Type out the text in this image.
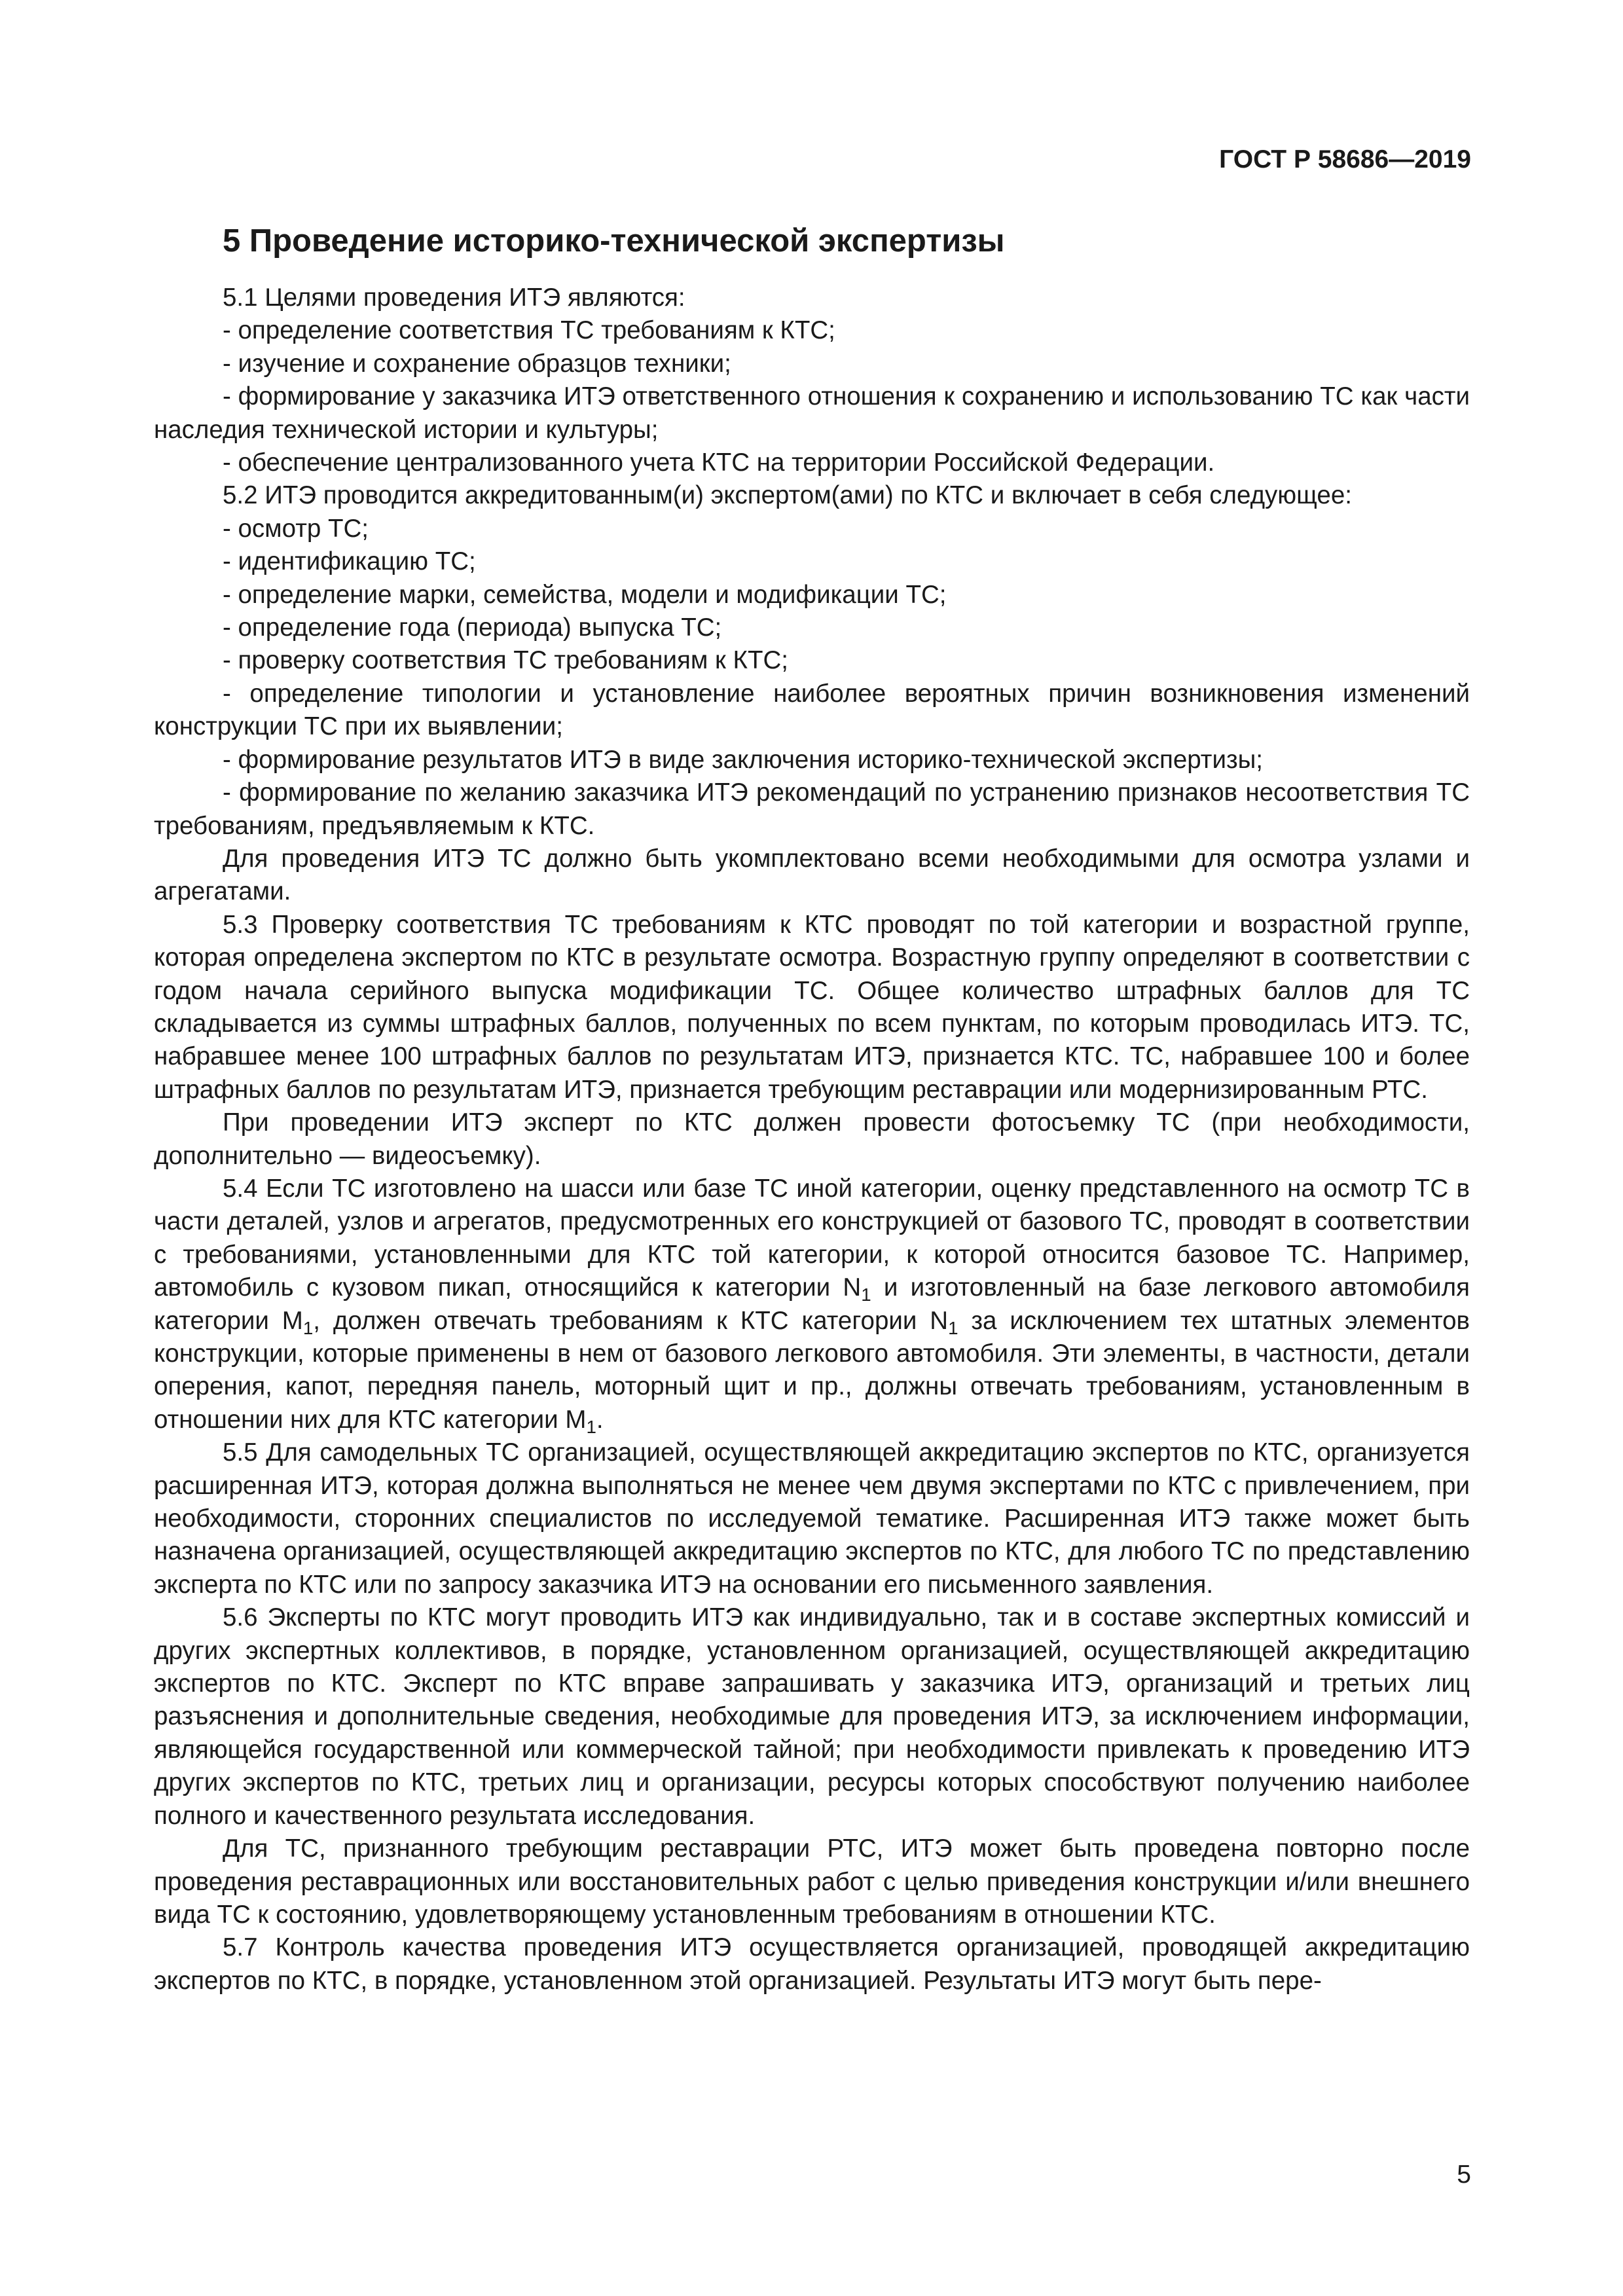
ГОСТ Р 58686—2019
5 Проведение историко-технической экспертизы

5.1 Целями проведения ИТЭ являются:

- определение соответствия ТС требованиям к КТС;

- изучение и сохранение образцов техники;

- формирование у заказчика ИТЭ ответственного отношения к сохранению и использованию ТС как части наследия технической истории и культуры;

- обеспечение централизованного учета КТС на территории Российской Федерации.

5.2 ИТЭ проводится аккредитованным(и) экспертом(ами) по КТС и включает в себя следующее:

- осмотр ТС;

- идентификацию ТС;

- определение марки, семейства, модели и модификации ТС;

- определение года (периода) выпуска ТС;

- проверку соответствия ТС требованиям к КТС;

- определение типологии и установление наиболее вероятных причин возникновения изменений конструкции ТС при их выявлении;

- формирование результатов ИТЭ в виде заключения историко-технической экспертизы;

- формирование по желанию заказчика ИТЭ рекомендаций по устранению признаков несоответствия ТС требованиям, предъявляемым к КТС.

Для проведения ИТЭ ТС должно быть укомплектовано всеми необходимыми для осмотра узлами и агрегатами.

5.3 Проверку соответствия ТС требованиям к КТС проводят по той категории и возрастной группе, которая определена экспертом по КТС в результате осмотра. Возрастную группу определяют в соответствии с годом начала серийного выпуска модификации ТС. Общее количество штрафных баллов для ТС складывается из суммы штрафных баллов, полученных по всем пунктам, по которым проводилась ИТЭ. ТС, набравшее менее 100 штрафных баллов по результатам ИТЭ, признается КТС. ТС, набравшее 100 и более штрафных баллов по результатам ИТЭ, признается требующим реставрации или модернизированным РТС.

При проведении ИТЭ эксперт по КТС должен провести фотосъемку ТС (при необходимости, дополнительно — видеосъемку).

5.4 Если ТС изготовлено на шасси или базе ТС иной категории, оценку представленного на осмотр ТС в части деталей, узлов и агрегатов, предусмотренных его конструкцией от базового ТС, проводят в соответствии с требованиями, установленными для КТС той категории, к которой относится базовое ТС. Например, автомобиль с кузовом пикап, относящийся к категории $N_1$ и изготовленный на базе легкового автомобиля категории $M_1$, должен отвечать требованиям к КТС категории $N_1$ за исключением тех штатных элементов конструкции, которые применены в нем от базового легкового автомобиля. Эти элементы, в частности, детали оперения, капот, передняя панель, моторный щит и пр., должны отвечать требованиям, установленным в отношении них для КТС категории $M_1$.

5.5 Для самодельных ТС организацией, осуществляющей аккредитацию экспертов по КТС, организуется расширенная ИТЭ, которая должна выполняться не менее чем двумя экспертами по КТС с привлечением, при необходимости, сторонних специалистов по исследуемой тематике. Расширенная ИТЭ также может быть назначена организацией, осуществляющей аккредитацию экспертов по КТС, для любого ТС по представлению эксперта по КТС или по запросу заказчика ИТЭ на основании его письменного заявления.

5.6 Эксперты по КТС могут проводить ИТЭ как индивидуально, так и в составе экспертных комиссий и других экспертных коллективов, в порядке, установленном организацией, осуществляющей аккредитацию экспертов по КТС. Эксперт по КТС вправе запрашивать у заказчика ИТЭ, организаций и третьих лиц разъяснения и дополнительные сведения, необходимые для проведения ИТЭ, за исключением информации, являющейся государственной или коммерческой тайной; при необходимости привлекать к проведению ИТЭ других экспертов по КТС, третьих лиц и организации, ресурсы которых способствуют получению наиболее полного и качественного результата исследования.

Для ТС, признанного требующим реставрации РТС, ИТЭ может быть проведена повторно после проведения реставрационных или восстановительных работ с целью приведения конструкции и/или внешнего вида ТС к состоянию, удовлетворяющему установленным требованиям в отношении КТС.

5.7 Контроль качества проведения ИТЭ осуществляется организацией, проводящей аккредитацию экспертов по КТС, в порядке, установленном этой организацией. Результаты ИТЭ могут быть пере-

5
